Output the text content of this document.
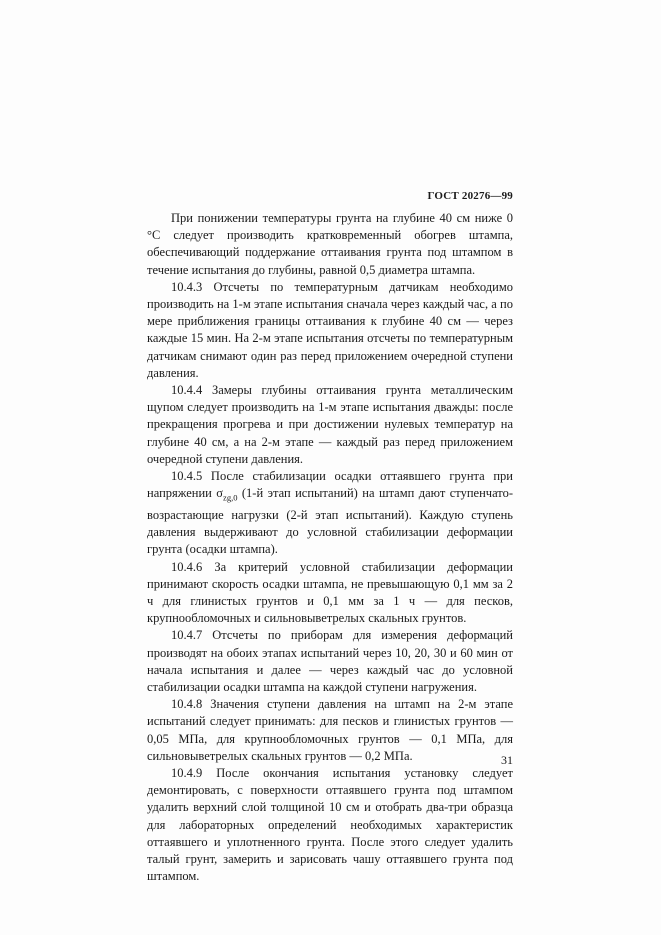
ГОСТ 20276—99

При понижении температуры грунта на глубине 40 см ниже 0 °С следует производить кратковременный обогрев штампа, обеспечивающий поддержание оттаивания грунта под штампом в течение испытания до глубины, равной 0,5 диаметра штампа.

10.4.3 Отсчеты по температурным датчикам необходимо производить на 1-м этапе испытания сначала через каждый час, а по мере приближения границы оттаивания к глубине 40 см — через каждые 15 мин. На 2-м этапе испытания отсчеты по температурным датчикам снимают один раз перед приложением очередной ступени давления.

10.4.4 Замеры глубины оттаивания грунта металлическим щупом следует производить на 1-м этапе испытания дважды: после прекращения прогрева и при достижении нулевых температур на глубине 40 см, а на 2-м этапе — каждый раз перед приложением очередной ступени давления.

10.4.5 После стабилизации осадки оттаявшего грунта при напряжении $\sigma_{zg,0}$ (1-й этап испытаний) на штамп дают ступенчато-возрастающие нагрузки (2-й этап испытаний). Каждую ступень давления выдерживают до условной стабилизации деформации грунта (осадки штампа).

10.4.6 За критерий условной стабилизации деформации принимают скорость осадки штампа, не превышающую 0,1 мм за 2 ч для глинистых грунтов и 0,1 мм за 1 ч — для песков, крупнообломочных и сильновыветрелых скальных грунтов.

10.4.7 Отсчеты по приборам для измерения деформаций производят на обоих этапах испытаний через 10, 20, 30 и 60 мин от начала испытания и далее — через каждый час до условной стабилизации осадки штампа на каждой ступени нагружения.

10.4.8 Значения ступени давления на штамп на 2-м этапе испытаний следует принимать: для песков и глинистых грунтов — 0,05 МПа, для крупнообломочных грунтов — 0,1 МПа, для сильновыветрелых скальных грунтов — 0,2 МПа.

10.4.9 После окончания испытания установку следует демонтировать, с поверхности оттаявшего грунта под штампом удалить верхний слой толщиной 10 см и отобрать два-три образца для лабораторных определений необходимых характеристик оттаявшего и уплотненного грунта. После этого следует удалить талый грунт, замерить и зарисовать чашу оттаявшего грунта под штампом.

31
